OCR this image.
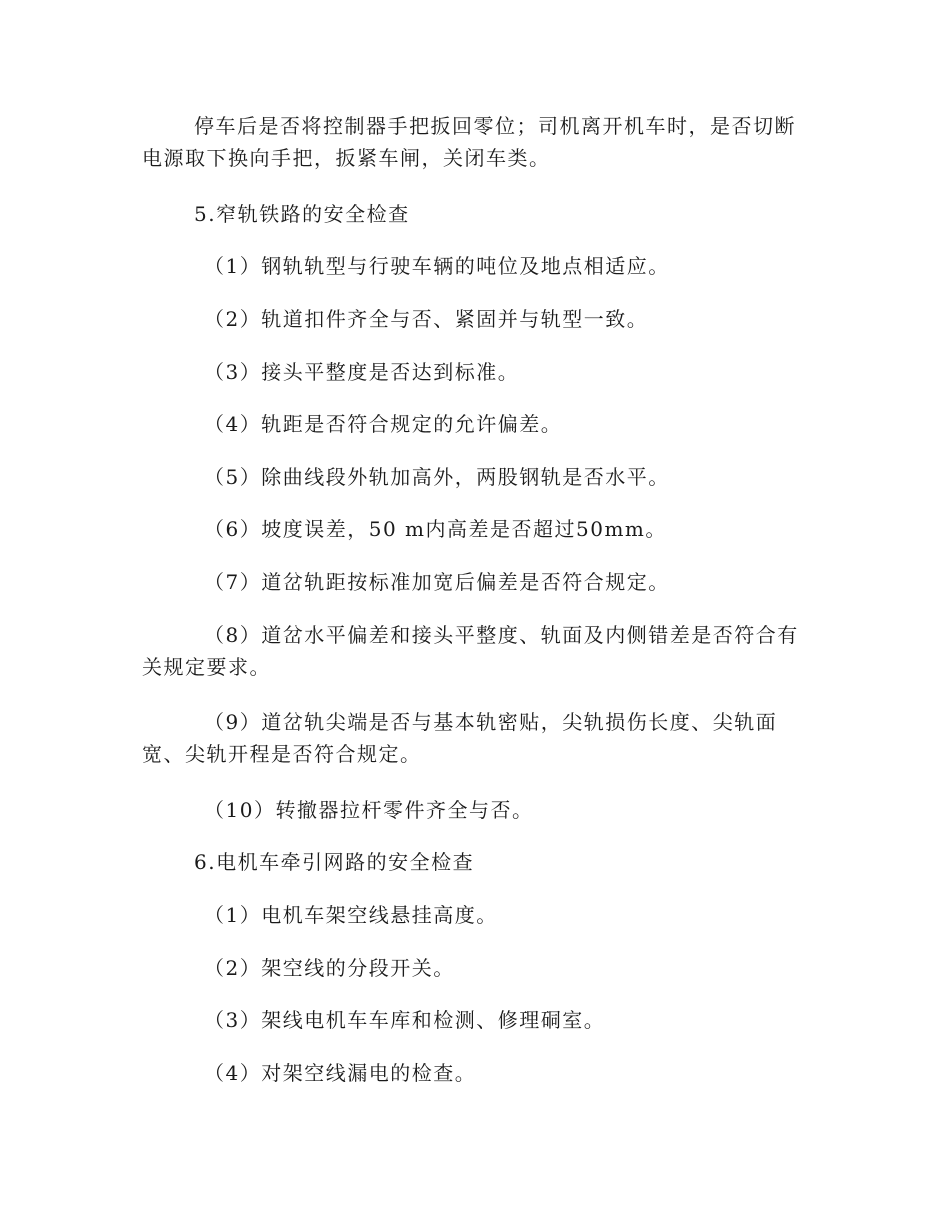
停车后是否将控制器手把扳回零位；司机离开机车时，是否切断电源取下换向手把，扳紧车闸，关闭车类。

5.窄轨铁路的安全检查

（1）钢轨轨型与行驶车辆的吨位及地点相适应。

（2）轨道扣件齐全与否、紧固并与轨型一致。

（3）接头平整度是否达到标准。

（4）轨距是否符合规定的允许偏差。

（5）除曲线段外轨加高外，两股钢轨是否水平。

（6）坡度误差，50 m内高差是否超过50mm。

（7）道岔轨距按标准加宽后偏差是否符合规定。

（8）道岔水平偏差和接头平整度、轨面及内侧错差是否符合有关规定要求。

（9）道岔轨尖端是否与基本轨密贴，尖轨损伤长度、尖轨面宽、尖轨开程是否符合规定。

（10）转撤器拉杆零件齐全与否。

6.电机车牵引网路的安全检查

（1）电机车架空线悬挂高度。

（2）架空线的分段开关。

（3）架线电机车车库和检测、修理硐室。

（4）对架空线漏电的检查。
